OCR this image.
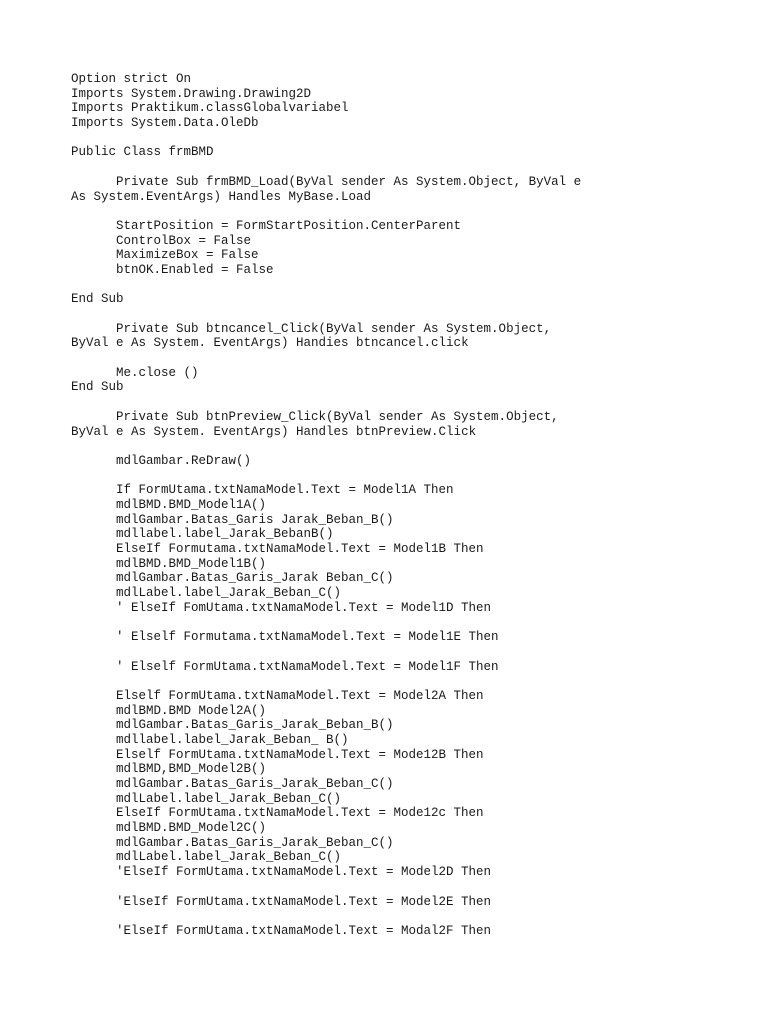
Option strict On
Imports System.Drawing.Drawing2D
Imports Praktikum.classGlobalvariabel
Imports System.Data.OleDb
Public Class frmBMD
Private Sub frmBMD_Load(ByVal sender As System.Object, ByVal e
As System.EventArgs) Handles MyBase.Load
StartPosition = FormStartPosition.CenterParent
ControlBox = False
MaximizeBox = False
btnOK.Enabled = False
End Sub
Private Sub btncancel_Click(ByVal sender As System.Object,
ByVal e As System. EventArgs) Handies btncancel.click
Me.close ()
End Sub
Private Sub btnPreview_Click(ByVal sender As System.Object,
ByVal e As System. EventArgs) Handles btnPreview.Click
mdlGambar.ReDraw()
If FormUtama.txtNamaModel.Text = Model1A Then
mdlBMD.BMD_Model1A()
mdlGambar.Batas_Garis Jarak_Beban_B()
mdllabel.label_Jarak_BebanB()
ElseIf Formutama.txtNamaModel.Text = Model1B Then
mdlBMD.BMD_Model1B()
mdlGambar.Batas_Garis_Jarak Beban_C()
mdlLabel.label_Jarak_Beban_C()
' ElseIf FomUtama.txtNamaModel.Text = Model1D Then
' Elself Formutama.txtNamaModel.Text = Model1E Then
' Elself FormUtama.txtNamaModel.Text = Model1F Then
Elself FormUtama.txtNamaModel.Text = Model2A Then
mdlBMD.BMD Model2A()
mdlGambar.Batas_Garis_Jarak_Beban_B()
mdllabel.label_Jarak_Beban_ B()
Elself FormUtama.txtNamaModel.Text = Mode12B Then
mdlBMD,BMD_Model2B()
mdlGambar.Batas_Garis_Jarak_Beban_C()
mdlLabel.label_Jarak_Beban_C()
ElseIf FormUtama.txtNamaModel.Text = Mode12c Then
mdlBMD.BMD_Model2C()
mdlGambar.Batas_Garis_Jarak_Beban_C()
mdlLabel.label_Jarak_Beban_C()
'ElseIf FormUtama.txtNamaModel.Text = Model2D Then
'ElseIf FormUtama.txtNamaModel.Text = Model2E Then
'ElseIf FormUtama.txtNamaModel.Text = Modal2F Then
